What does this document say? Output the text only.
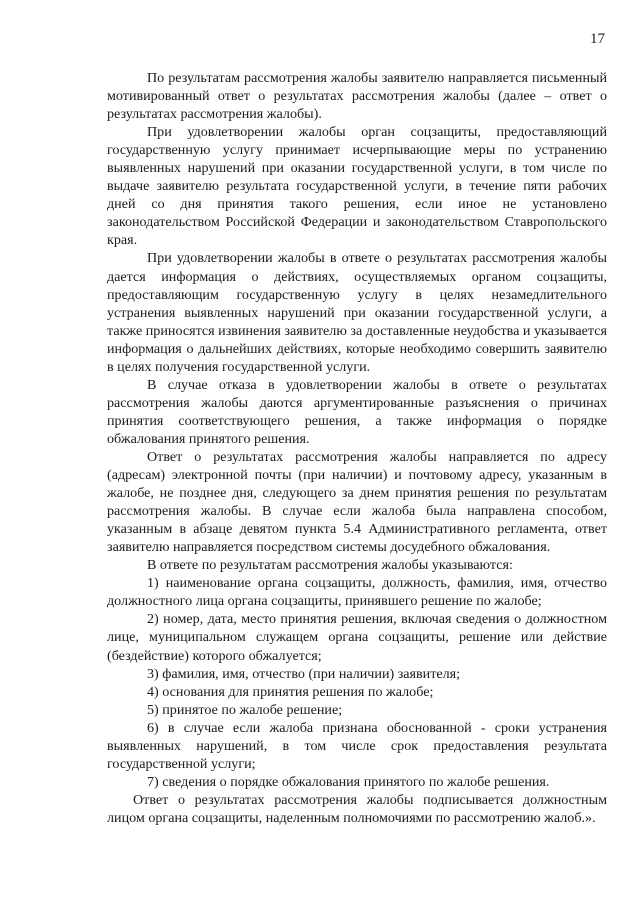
17

По результатам рассмотрения жалобы заявителю направляется письменный мотивированный ответ о результатах рассмотрения жалобы (далее – ответ о результатах рассмотрения жалобы).

При удовлетворении жалобы орган соцзащиты, предоставляющий государственную услугу принимает исчерпывающие меры по устранению выявленных нарушений при оказании государственной услуги, в том числе по выдаче заявителю результата государственной услуги, в течение пяти рабочих дней со дня принятия такого решения, если иное не установлено законодательством Российской Федерации и законодательством Ставропольского края.

При удовлетворении жалобы в ответе о результатах рассмотрения жалобы дается информация о действиях, осуществляемых органом соцзащиты, предоставляющим государственную услугу в целях незамедлительного устранения выявленных нарушений при оказании государственной услуги, а также приносятся извинения заявителю за доставленные неудобства и указывается информация о дальнейших действиях, которые необходимо совершить заявителю в целях получения государственной услуги.

В случае отказа в удовлетворении жалобы в ответе о результатах рассмотрения жалобы даются аргументированные разъяснения о причинах принятия соответствующего решения, а также информация о порядке обжалования принятого решения.

Ответ о результатах рассмотрения жалобы направляется по адресу (адресам) электронной почты (при наличии) и почтовому адресу, указанным в жалобе, не позднее дня, следующего за днем принятия решения по результатам рассмотрения жалобы. В случае если жалоба была направлена способом, указанным в абзаце девятом пункта 5.4 Административного регламента, ответ заявителю направляется посредством системы досудебного обжалования.

В ответе по результатам рассмотрения жалобы указываются:

1) наименование органа соцзащиты, должность, фамилия, имя, отчество должностного лица органа соцзащиты, принявшего решение по жалобе;

2) номер, дата, место принятия решения, включая сведения о должностном лице, муниципальном служащем органа соцзащиты, решение или действие (бездействие) которого обжалуется;

3) фамилия, имя, отчество (при наличии) заявителя;

4) основания для принятия решения по жалобе;

5) принятое по жалобе решение;

6) в случае если жалоба признана обоснованной - сроки устранения выявленных нарушений, в том числе срок предоставления результата государственной услуги;

7) сведения о порядке обжалования принятого по жалобе решения.

Ответ о результатах рассмотрения жалобы подписывается должностным лицом органа соцзащиты, наделенным полномочиями по рассмотрению жалоб.».
